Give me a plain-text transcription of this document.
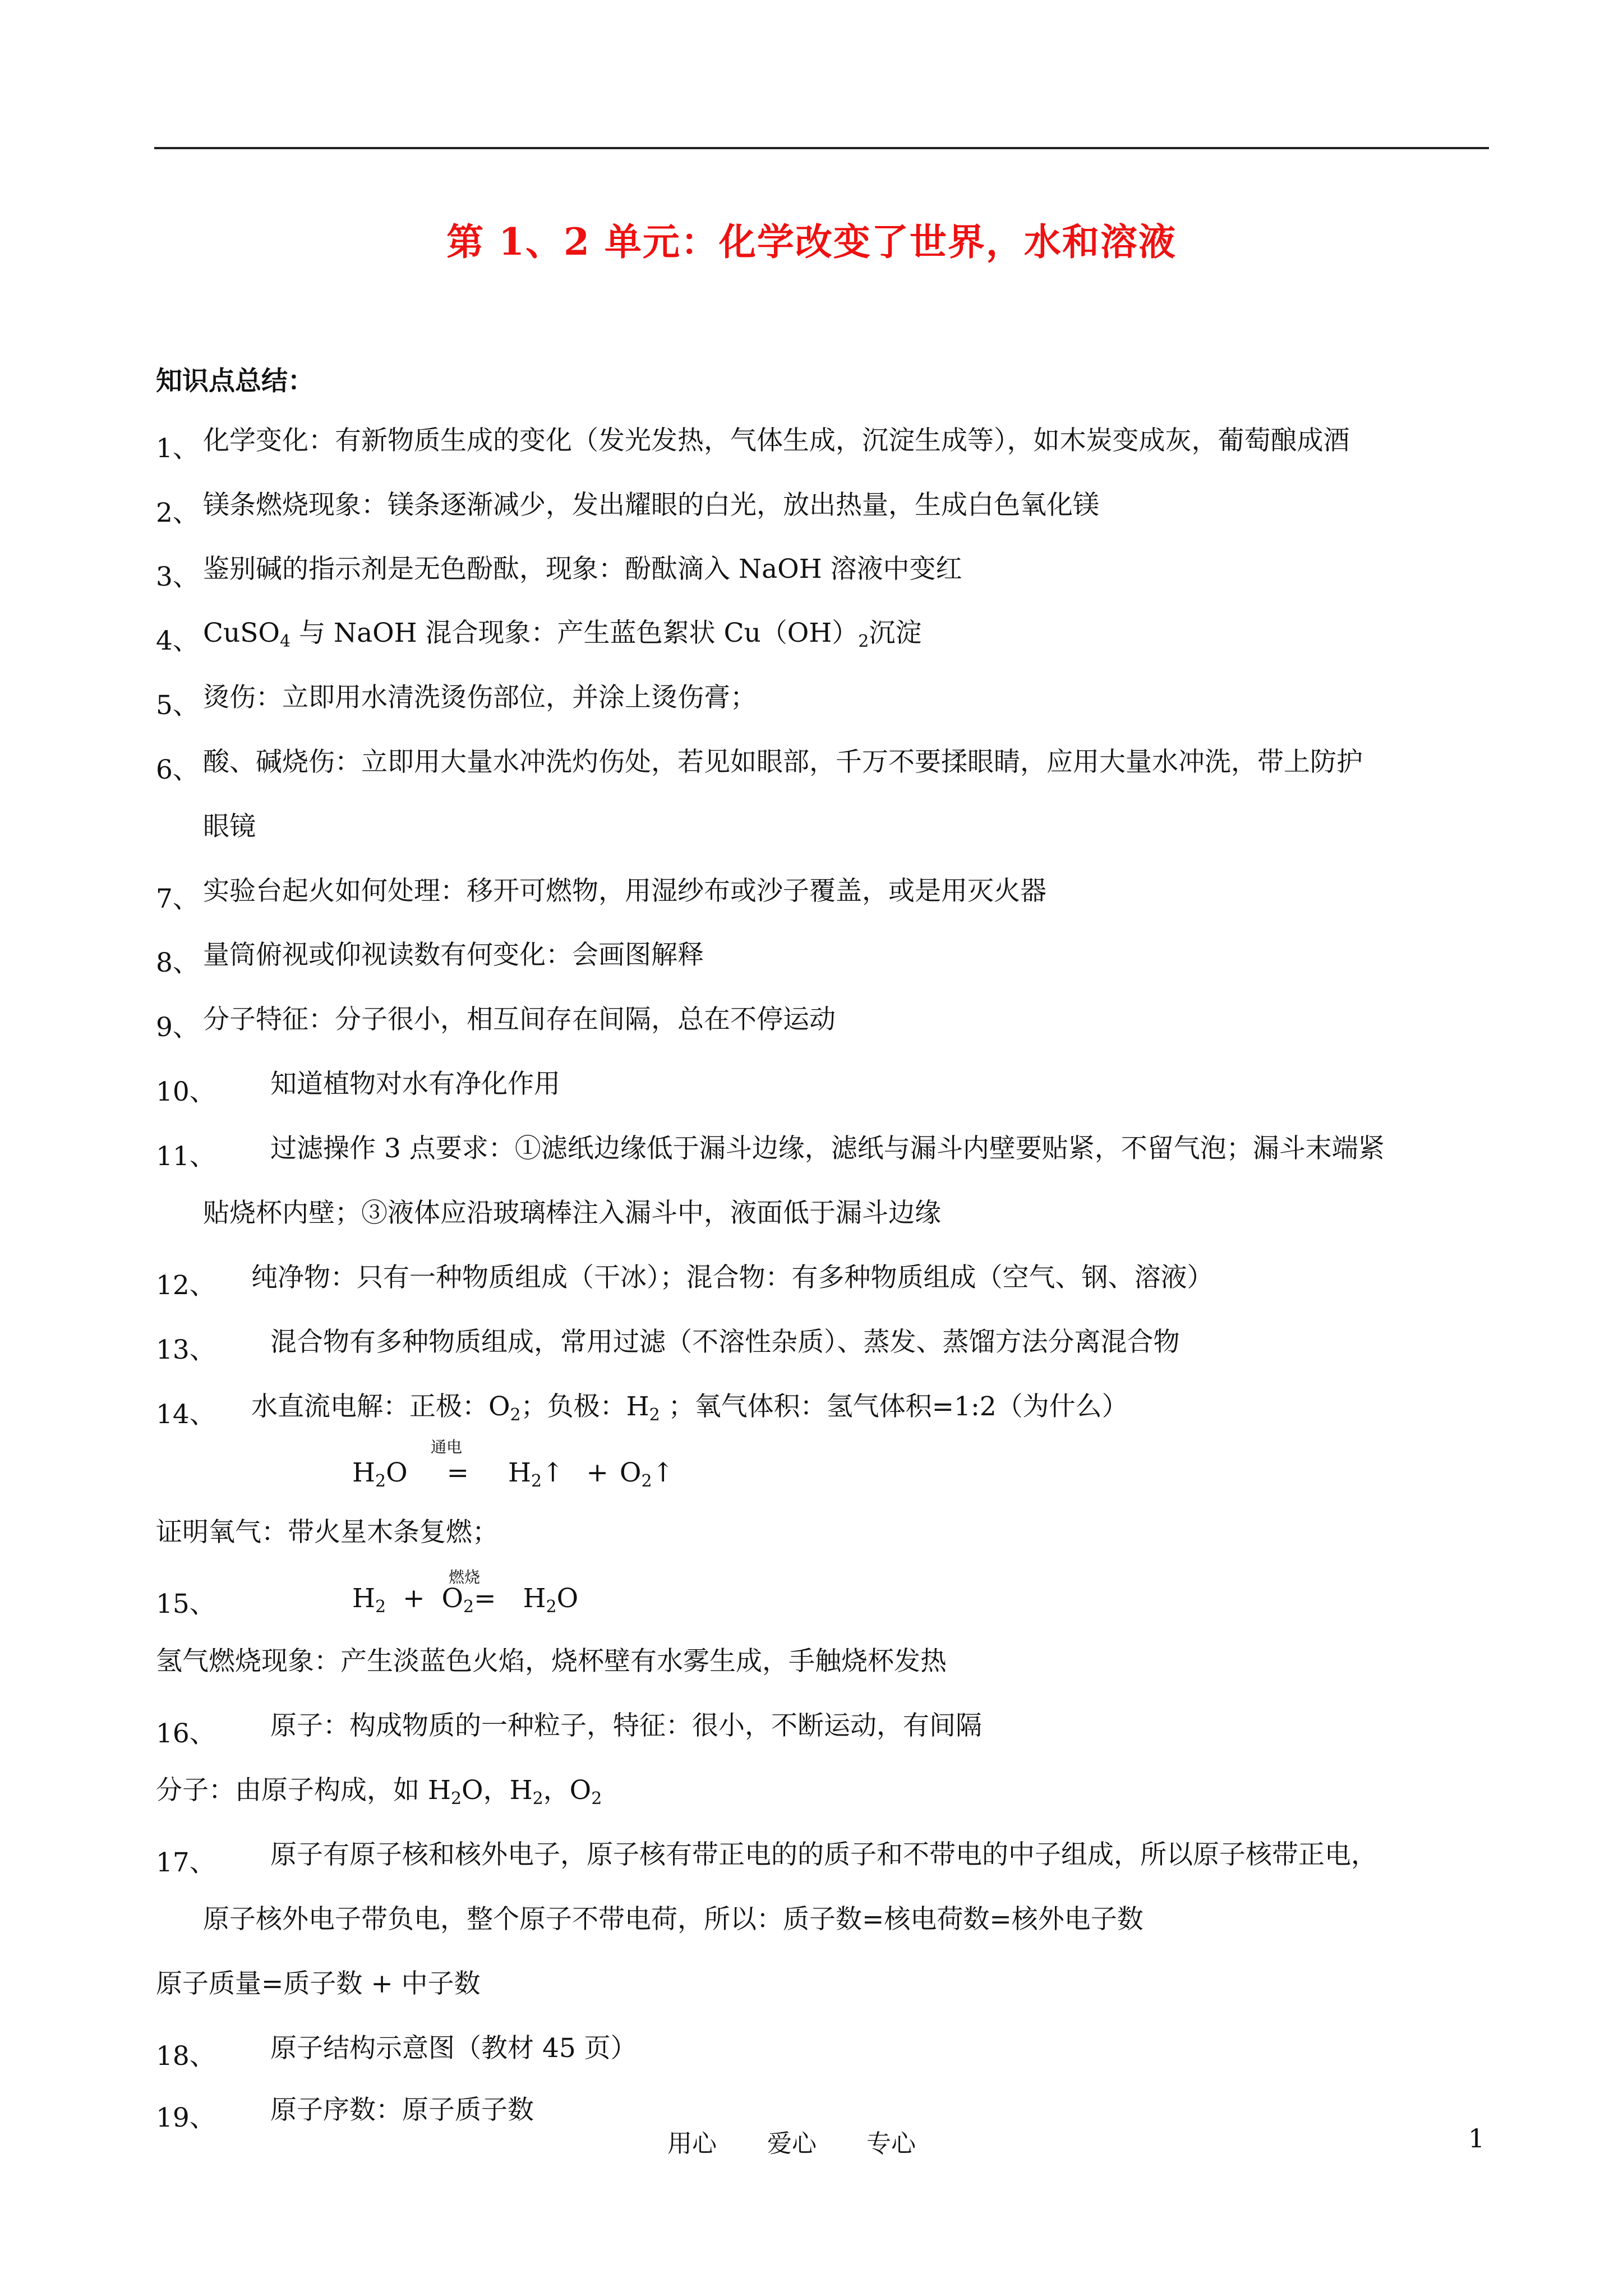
第 1、2 单元：化学改变了世界，水和溶液
知识点总结：
1、 化学变化：有新物质生成的变化（发光发热，气体生成，沉淀生成等），如木炭变成灰，葡萄酿成酒
2、 镁条燃烧现象：镁条逐渐减少，发出耀眼的白光，放出热量，生成白色氧化镁
3、 鉴别碱的指示剂是无色酚酞，现象：酚酞滴入 NaOH 溶液中变红
4、 CuSO$_4$ 与 NaOH 混合现象：产生蓝色絮状 $Cu(OH)_2$沉淀
5、 烫伤：立即用水清洗烫伤部位，并涂上烫伤膏；
6、 酸、碱烧伤：立即用大量水冲洗灼伤处，若见如眼部，千万不要揉眼睛，应用大量水冲洗，带上防护
眼镜
7、 实验台起火如何处理：移开可燃物，用湿纱布或沙子覆盖，或是用灭火器
8、 量筒俯视或仰视读数有何变化：会画图解释
9、 分子特征：分子很小，相互间存在间隔，总在不停运动
10、 知道植物对水有净化作用
11、 过滤操作 3 点要求：①滤纸边缘低于漏斗边缘，滤纸与漏斗内壁要贴紧，不留气泡；漏斗末端紧
贴烧杯内壁；③液体应沿玻璃棒注入漏斗中，液面低于漏斗边缘
12、 纯净物：只有一种物质组成（干冰）；混合物：有多种物质组成（空气、钢、溶液）
13、 混合物有多种物质组成，常用过滤（不溶性杂质）、蒸发、蒸馏方法分离混合物
14、 水直流电解：正极：$O_2$；负极：$H_2$ ；氧气体积：氢气体积=1:2（为什么）
通电
$H_2O$ = $H_2↑$ + $O_2↑$
证明氧气：带火星木条复燃；
15、
燃烧
$H_2 + O_2= H_2O$
氢气燃烧现象：产生淡蓝色火焰，烧杯壁有水雾生成，手触烧杯发热
16、 原子：构成物质的一种粒子，特征：很小，不断运动，有间隔
分子：由原子构成，如 $H_2O$，$H_2$，$O_2$
17、 原子有原子核和核外电子，原子核有带正电的的质子和不带电的中子组成，所以原子核带正电，
原子核外电子带负电，整个原子不带电荷，所以：质子数=核电荷数=核外电子数
原子质量=质子数 + 中子数
18、 原子结构示意图（教材 45 页）
19、 原子序数：原子质子数
用心 爱心 专心	1
